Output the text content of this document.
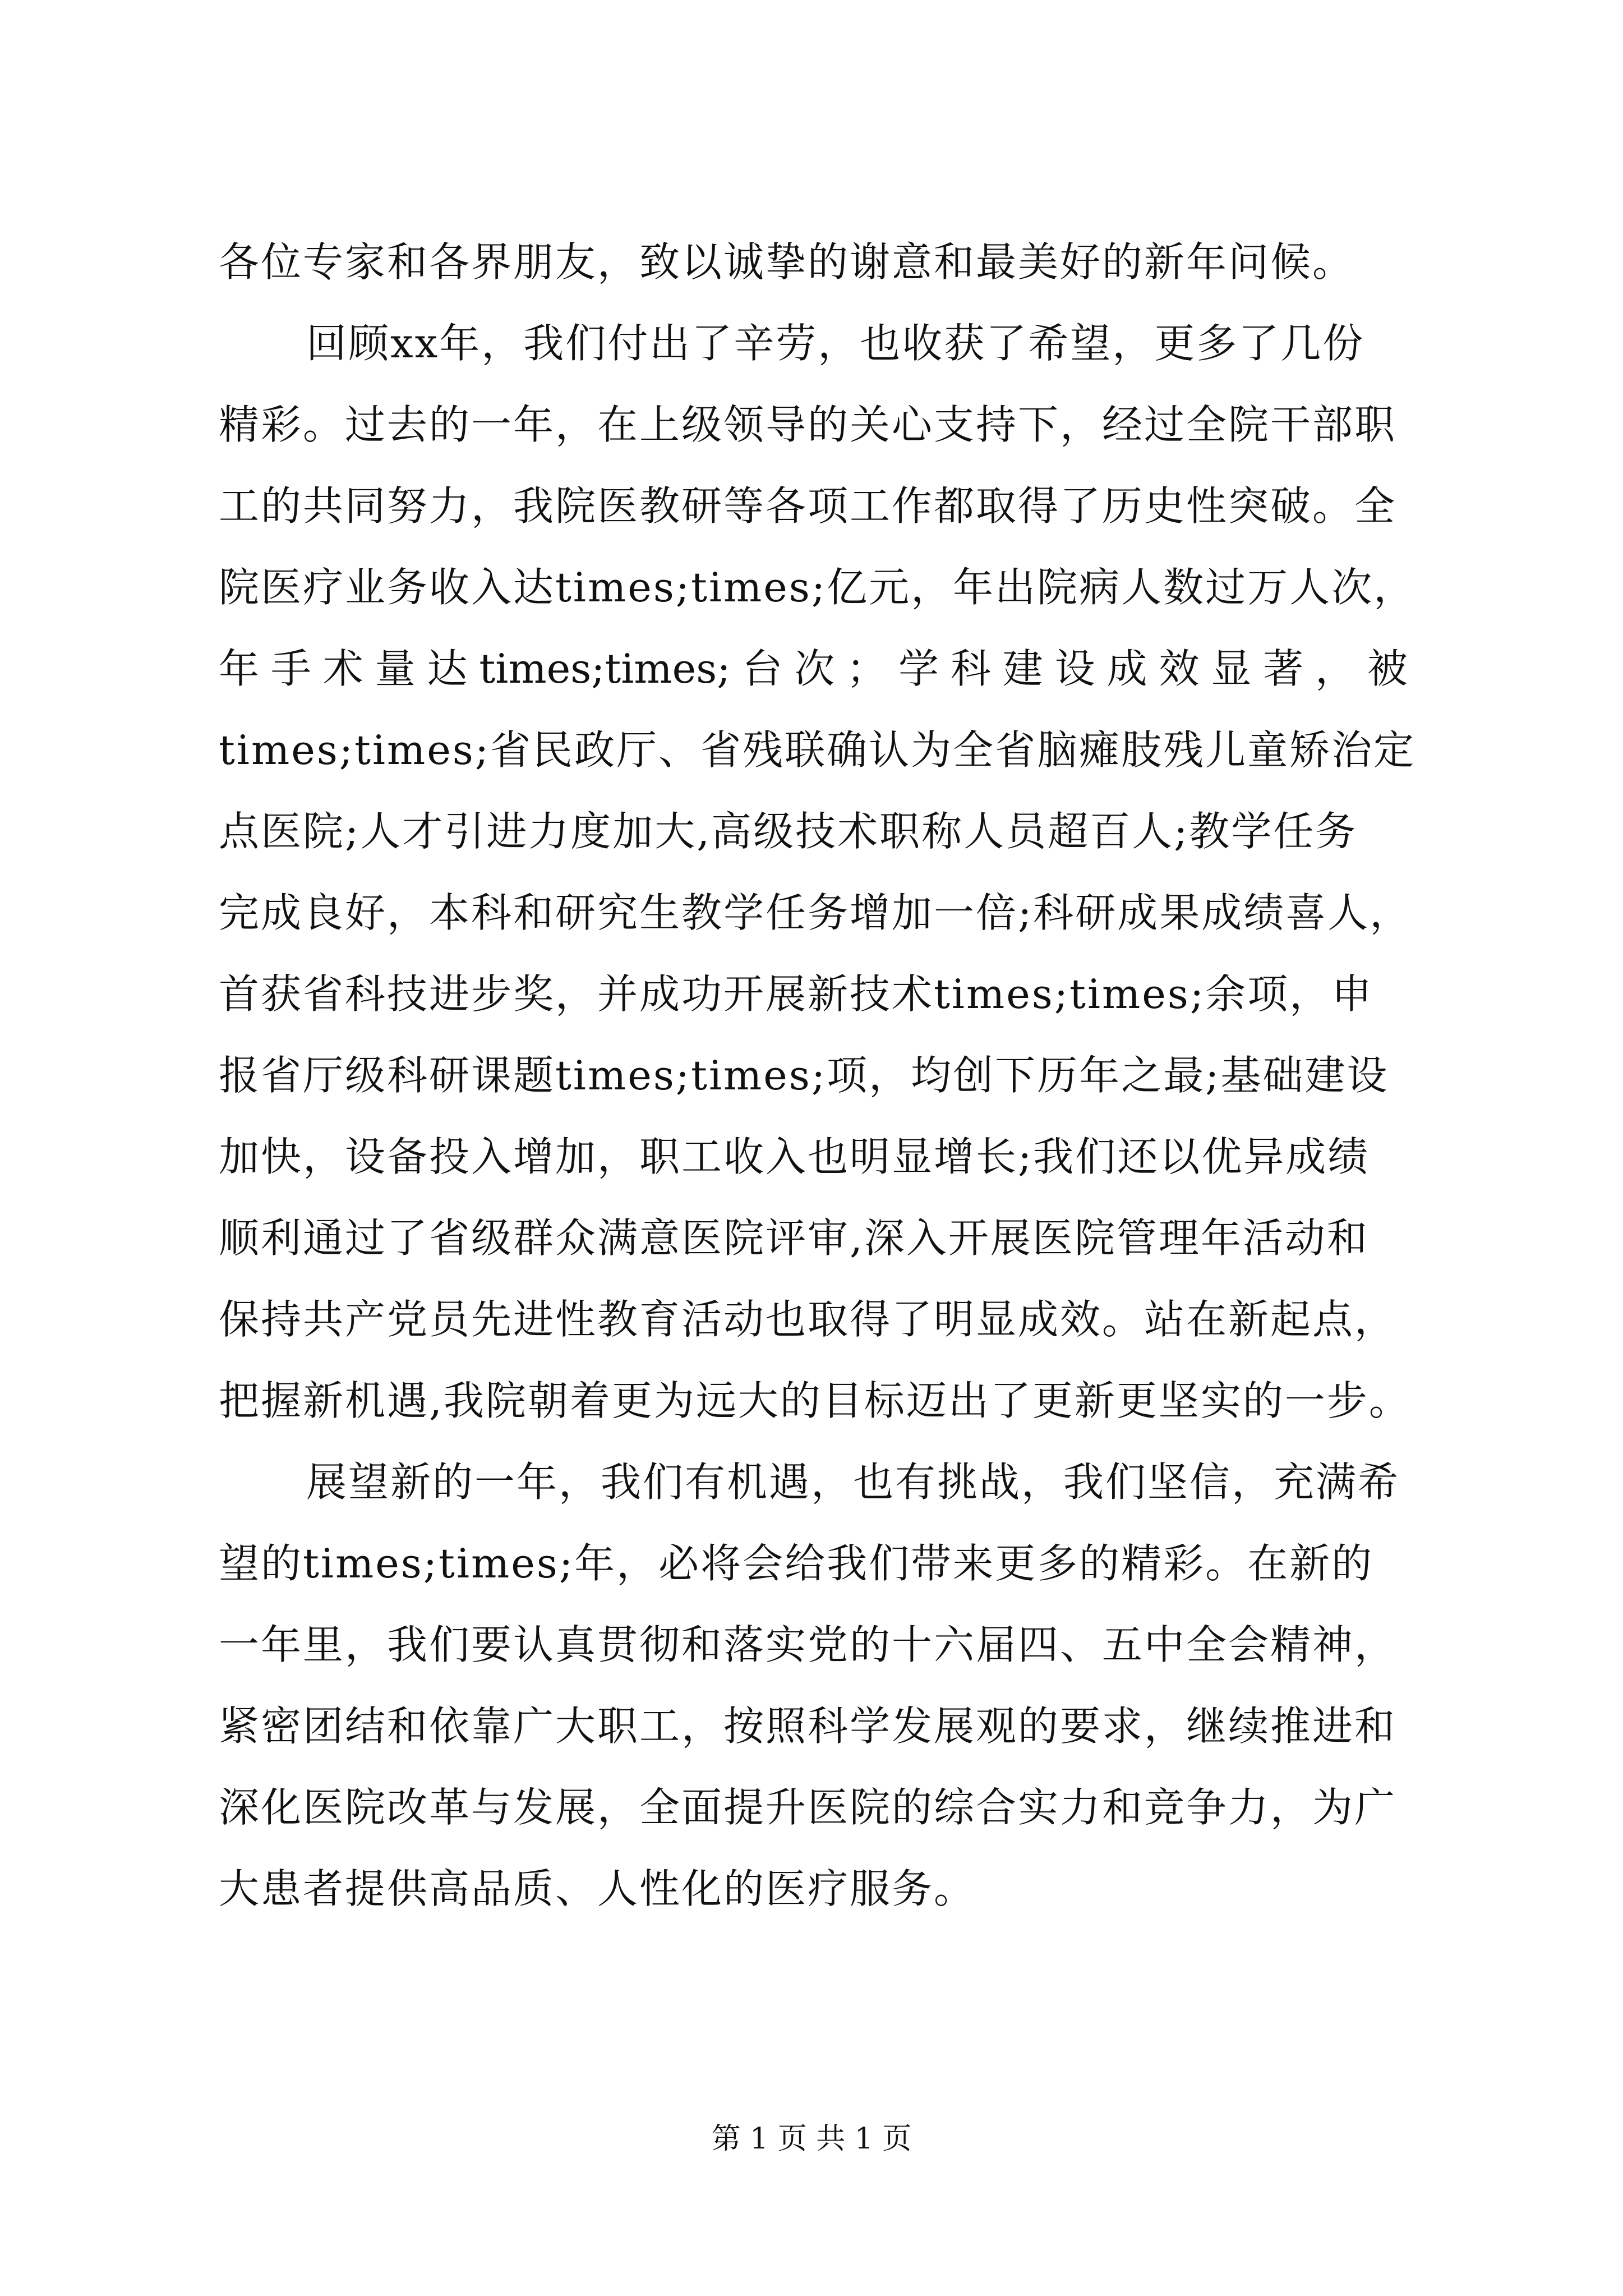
各位专家和各界朋友，致以诚挚的谢意和最美好的新年问候。
回顾xx年，我们付出了辛劳，也收获了希望，更多了几份
精彩。过去的一年，在上级领导的关心支持下，经过全院干部职
工的共同努力，我院医教研等各项工作都取得了历史性突破。全
院医疗业务收入达times;times;亿元，年出院病人数过万人次，
年 手 术 量 达 times;times; 台 次 ； 学 科 建 设 成 效 显 著 ， 被
times;times;省民政厅、省残联确认为全省脑瘫肢残儿童矫治定
点医院;人才引进力度加大,高级技术职称人员超百人;教学任务
完成良好，本科和研究生教学任务增加一倍;科研成果成绩喜人，
首获省科技进步奖，并成功开展新技术times;times;余项，申
报省厅级科研课题times;times;项，均创下历年之最;基础建设
加快，设备投入增加，职工收入也明显增长;我们还以优异成绩
顺利通过了省级群众满意医院评审,深入开展医院管理年活动和
保持共产党员先进性教育活动也取得了明显成效。站在新起点，
把握新机遇,我院朝着更为远大的目标迈出了更新更坚实的一步。
展望新的一年，我们有机遇，也有挑战，我们坚信，充满希
望的times;times;年，必将会给我们带来更多的精彩。在新的
一年里，我们要认真贯彻和落实党的十六届四、五中全会精神，
紧密团结和依靠广大职工，按照科学发展观的要求，继续推进和
深化医院改革与发展，全面提升医院的综合实力和竞争力，为广
大患者提供高品质、人性化的医疗服务。
第 1 页 共 1 页
